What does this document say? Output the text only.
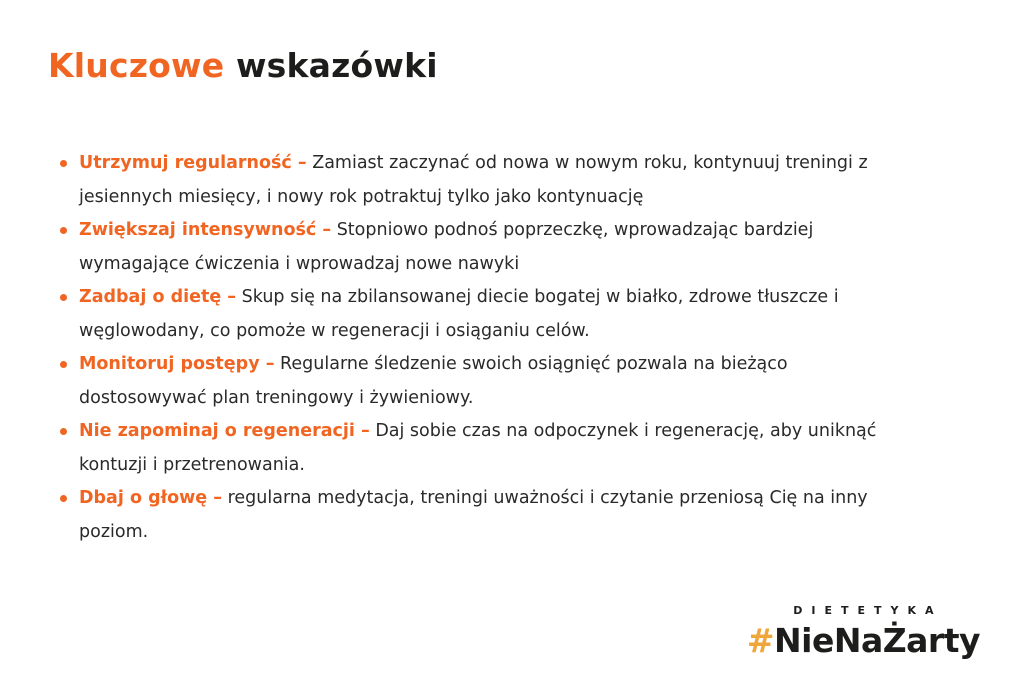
Kluczowe wskazówki
Utrzymuj regularność – Zamiast zaczynać od nowa w nowym roku, kontynuuj treningi z jesiennych miesięcy, i nowy rok potraktuj tylko jako kontynuację
Zwiększaj intensywność – Stopniowo podnoś poprzeczkę, wprowadzając bardziej wymagające ćwiczenia i wprowadzaj nowe nawyki
Zadbaj o dietę – Skup się na zbilansowanej diecie bogatej w białko, zdrowe tłuszcze i węglowodany, co pomoże w regeneracji i osiąganiu celów.
Monitoruj postępy – Regularne śledzenie swoich osiągnięć pozwala na bieżąco dostosowywać plan treningowy i żywieniowy.
Nie zapominaj o regeneracji – Daj sobie czas na odpoczynek i regenerację, aby uniknąć kontuzji i przetrenowania.
Dbaj o głowę – regularna medytacja, treningi uważności i czytanie przeniosą Cię na inny poziom.
DIETETYKA
#NieNaŻarty
